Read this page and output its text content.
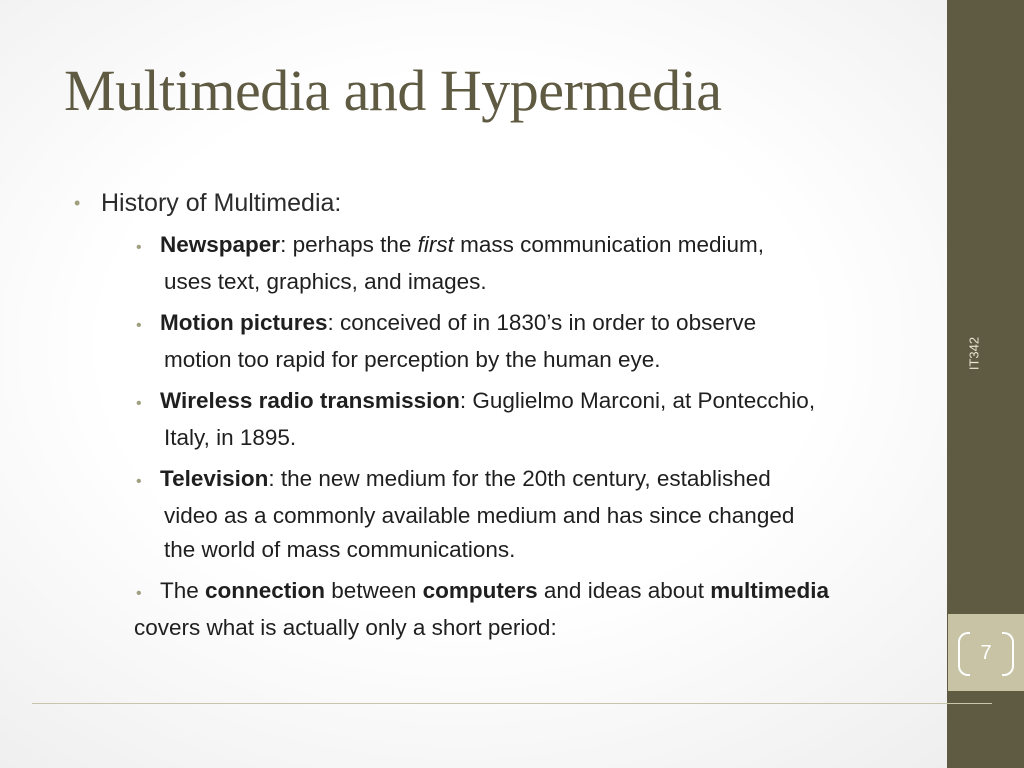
Multimedia and Hypermedia
• History of Multimedia:
• Newspaper: perhaps the first mass communication medium,
uses text, graphics, and images.
• Motion pictures: conceived of in 1830’s in order to observe
motion too rapid for perception by the human eye.
• Wireless radio transmission: Guglielmo Marconi, at Pontecchio,
Italy, in 1895.
• Television: the new medium for the 20th century, established
video as a commonly available medium and has since changed
the world of mass communications.
• The connection between computers and ideas about multimedia
covers what is actually only a short period:
IT342
7
